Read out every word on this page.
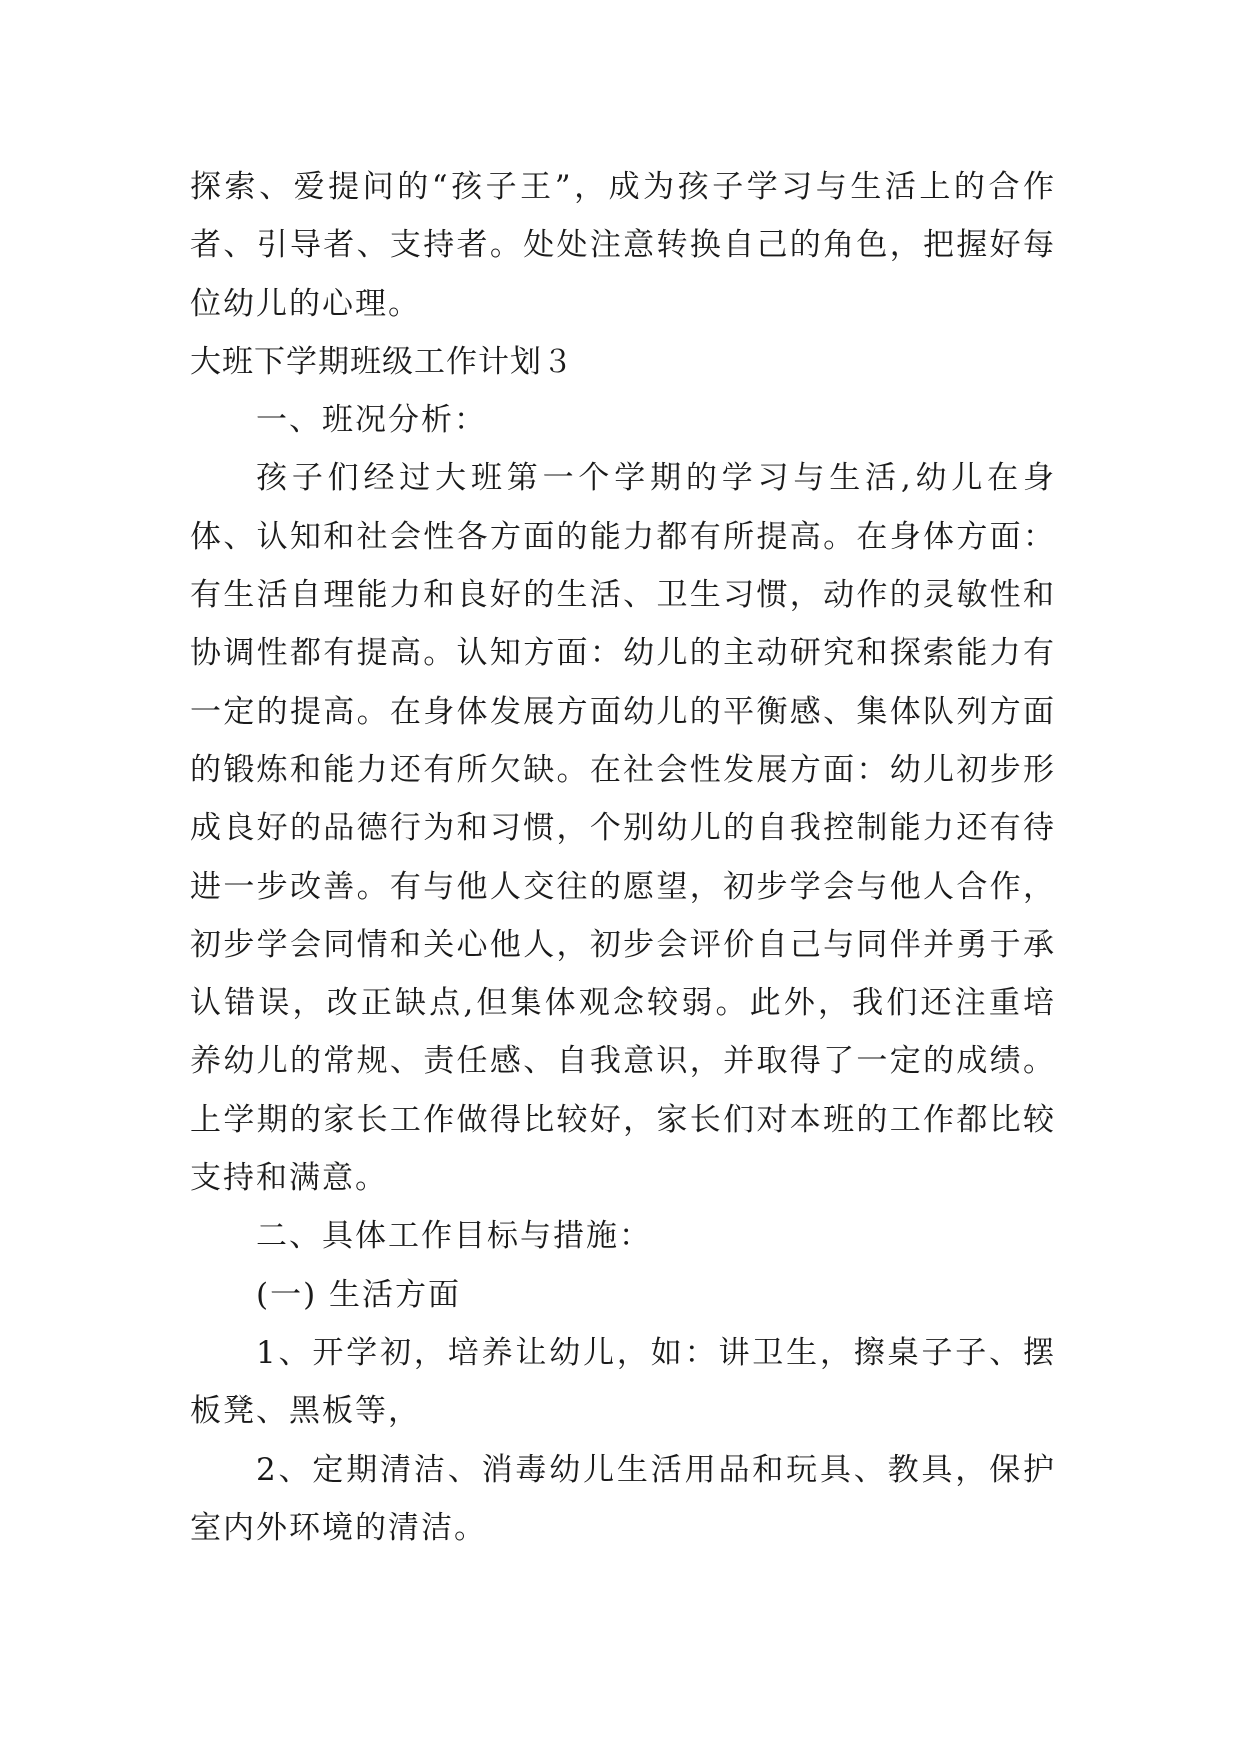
探索、爱提问的“孩子王”，成为孩子学习与生活上的合作者、引导者、支持者。处处注意转换自己的角色，把握好每位幼儿的心理。

大班下学期班级工作计划３

一、班况分析：

孩子们经过大班第一个学期的学习与生活,幼儿在身体、认知和社会性各方面的能力都有所提高。在身体方面：有生活自理能力和良好的生活、卫生习惯，动作的灵敏性和协调性都有提高。认知方面：幼儿的主动研究和探索能力有一定的提高。在身体发展方面幼儿的平衡感、集体队列方面的锻炼和能力还有所欠缺。在社会性发展方面：幼儿初步形成良好的品德行为和习惯，个别幼儿的自我控制能力还有待进一步改善。有与他人交往的愿望，初步学会与他人合作，初步学会同情和关心他人，初步会评价自己与同伴并勇于承认错误，改正缺点,但集体观念较弱。此外，我们还注重培养幼儿的常规、责任感、自我意识，并取得了一定的成绩。上学期的家长工作做得比较好，家长们对本班的工作都比较支持和满意。

二、具体工作目标与措施：

(一) 生活方面

1、开学初，培养让幼儿，如：讲卫生，擦桌子子、摆板凳、黑板等，

2、定期清洁、消毒幼儿生活用品和玩具、教具，保护室内外环境的清洁。
